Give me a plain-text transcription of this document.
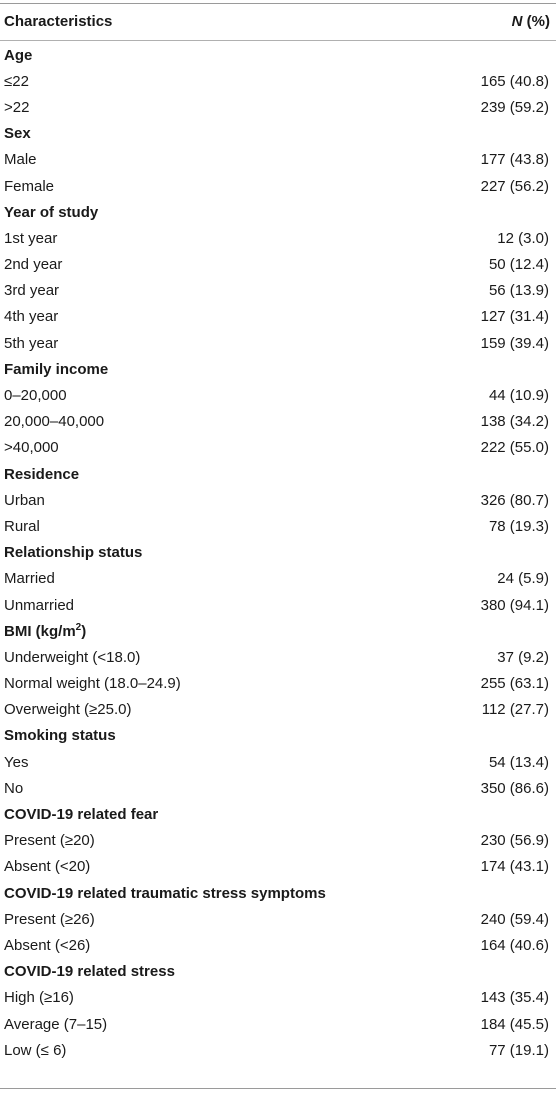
Characteristics	N (%)
Age
≤22	165 (40.8)
>22	239 (59.2)
Sex
Male	177 (43.8)
Female	227 (56.2)
Year of study
1st year	12 (3.0)
2nd year	50 (12.4)
3rd year	56 (13.9)
4th year	127 (31.4)
5th year	159 (39.4)
Family income
0–20,000	44 (10.9)
20,000–40,000	138 (34.2)
>40,000	222 (55.0)
Residence
Urban	326 (80.7)
Rural	78 (19.3)
Relationship status
Married	24 (5.9)
Unmarried	380 (94.1)
BMI $(kg/m^2)$
Underweight (<18.0)	37 (9.2)
Normal weight (18.0–24.9)	255 (63.1)
Overweight (≥25.0)	112 (27.7)
Smoking status
Yes	54 (13.4)
No	350 (86.6)
COVID-19 related fear
Present (≥20)	230 (56.9)
Absent (<20)	174 (43.1)
COVID-19 related traumatic stress symptoms
Present (≥26)	240 (59.4)
Absent (<26)	164 (40.6)
COVID-19 related stress
High (≥16)	143 (35.4)
Average (7–15)	184 (45.5)
Low (≤ 6)	77 (19.1)
